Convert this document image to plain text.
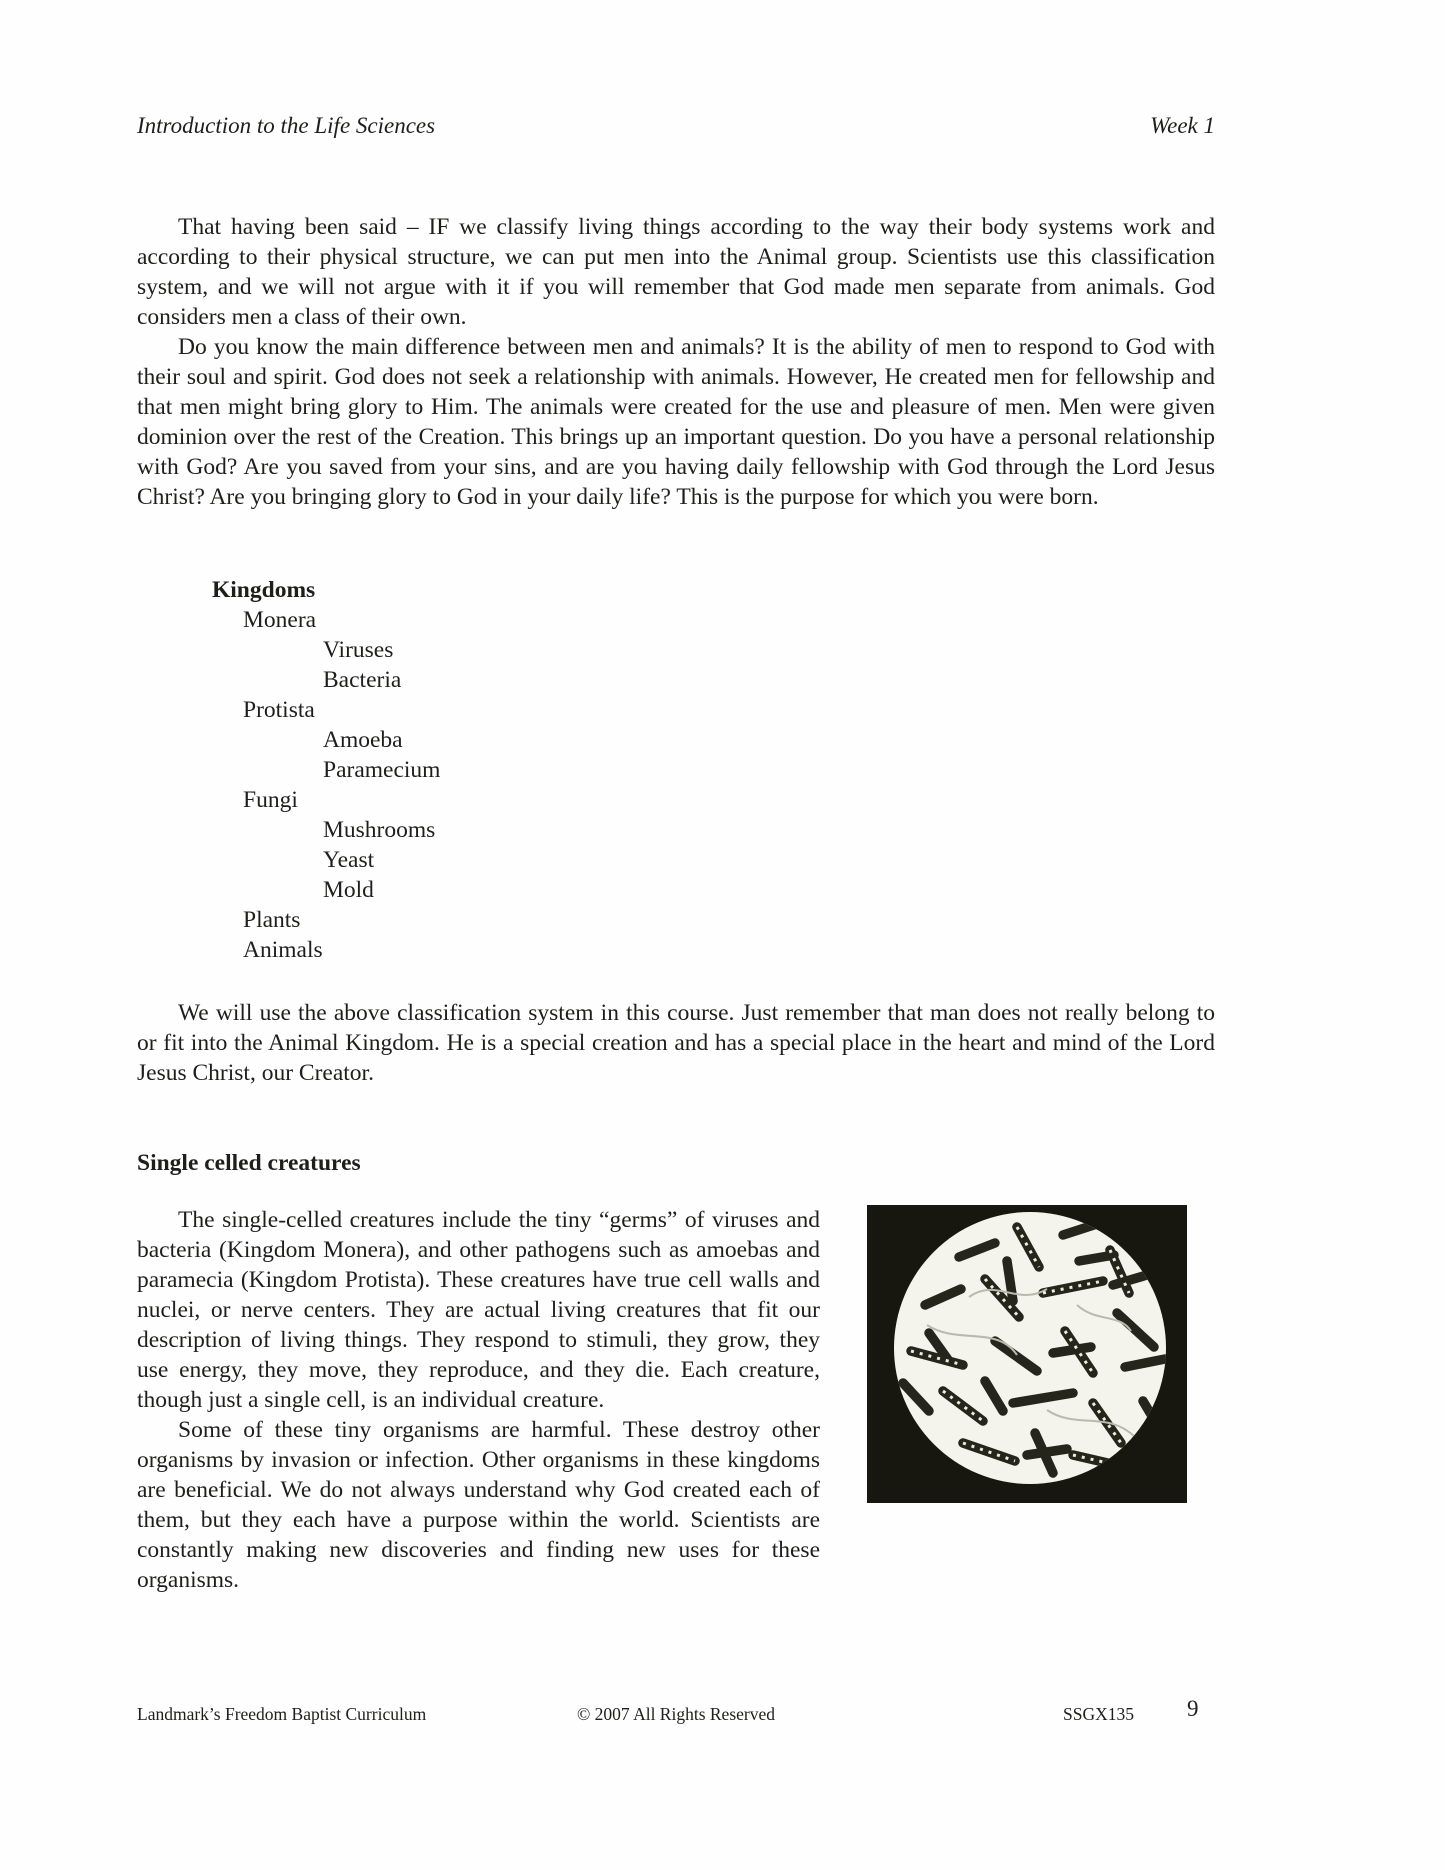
Introduction to the Life Sciences	Week 1

That having been said – IF we classify living things according to the way their body systems work and according to their physical structure, we can put men into the Animal group. Scientists use this classification system, and we will not argue with it if you will remember that God made men separate from animals. God considers men a class of their own.

Do you know the main difference between men and animals? It is the ability of men to respond to God with their soul and spirit. God does not seek a relationship with animals. However, He created men for fellowship and that men might bring glory to Him. The animals were created for the use and pleasure of men. Men were given dominion over the rest of the Creation. This brings up an important question. Do you have a personal relationship with God? Are you saved from your sins, and are you having daily fellowship with God through the Lord Jesus Christ? Are you bringing glory to God in your daily life? This is the purpose for which you were born.

Kingdoms
Monera
Viruses
Bacteria
Protista
Amoeba
Paramecium
Fungi
Mushrooms
Yeast
Mold
Plants
Animals

We will use the above classification system in this course. Just remember that man does not really belong to or fit into the Animal Kingdom. He is a special creation and has a special place in the heart and mind of the Lord Jesus Christ, our Creator.

Single celled creatures

The single-celled creatures include the tiny “germs” of viruses and bacteria (Kingdom Monera), and other pathogens such as amoebas and paramecia (Kingdom Protista). These creatures have true cell walls and nuclei, or nerve centers. They are actual living creatures that fit our description of living things. They respond to stimuli, they grow, they use energy, they move, they reproduce, and they die. Each creature, though just a single cell, is an individual creature.

Some of these tiny organisms are harmful. These destroy other organisms by invasion or infection. Other organisms in these kingdoms are beneficial. We do not always understand why God created each of them, but they each have a purpose within the world. Scientists are constantly making new discoveries and finding new uses for these organisms.

Landmark’s Freedom Baptist Curriculum	© 2007 All Rights Reserved	SSGX135 9
